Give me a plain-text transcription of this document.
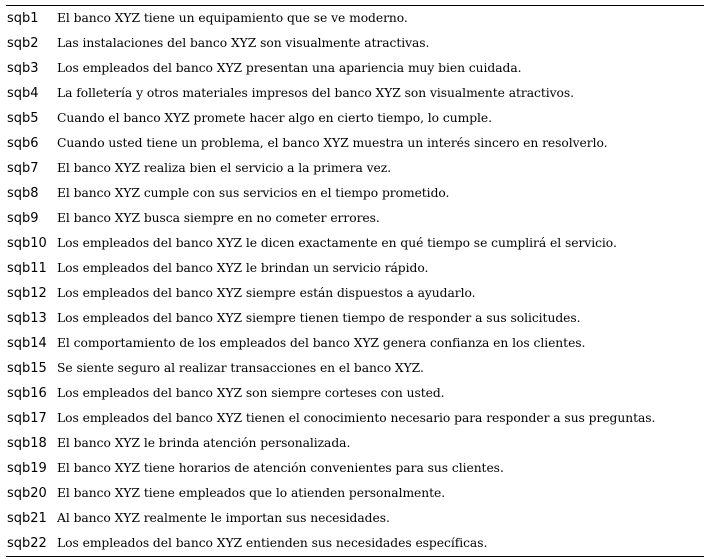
sqb1	El banco XYZ tiene un equipamiento que se ve moderno.
sqb2	Las instalaciones del banco XYZ son visualmente atractivas.
sqb3	Los empleados del banco XYZ presentan una apariencia muy bien cuidada.
sqb4	La folletería y otros materiales impresos del banco XYZ son visualmente atractivos.
sqb5	Cuando el banco XYZ promete hacer algo en cierto tiempo, lo cumple.
sqb6	Cuando usted tiene un problema, el banco XYZ muestra un interés sincero en resolverlo.
sqb7	El banco XYZ realiza bien el servicio a la primera vez.
sqb8	El banco XYZ cumple con sus servicios en el tiempo prometido.
sqb9	El banco XYZ busca siempre en no cometer errores.
sqb10	Los empleados del banco XYZ le dicen exactamente en qué tiempo se cumplirá el servicio.
sqb11	Los empleados del banco XYZ le brindan un servicio rápido.
sqb12	Los empleados del banco XYZ siempre están dispuestos a ayudarlo.
sqb13	Los empleados del banco XYZ siempre tienen tiempo de responder a sus solicitudes.
sqb14	El comportamiento de los empleados del banco XYZ genera confianza en los clientes.
sqb15	Se siente seguro al realizar transacciones en el banco XYZ.
sqb16	Los empleados del banco XYZ son siempre corteses con usted.
sqb17	Los empleados del banco XYZ tienen el conocimiento necesario para responder a sus preguntas.
sqb18	El banco XYZ le brinda atención personalizada.
sqb19	El banco XYZ tiene horarios de atención convenientes para sus clientes.
sqb20	El banco XYZ tiene empleados que lo atienden personalmente.
sqb21	Al banco XYZ realmente le importan sus necesidades.
sqb22	Los empleados del banco XYZ entienden sus necesidades específicas.
